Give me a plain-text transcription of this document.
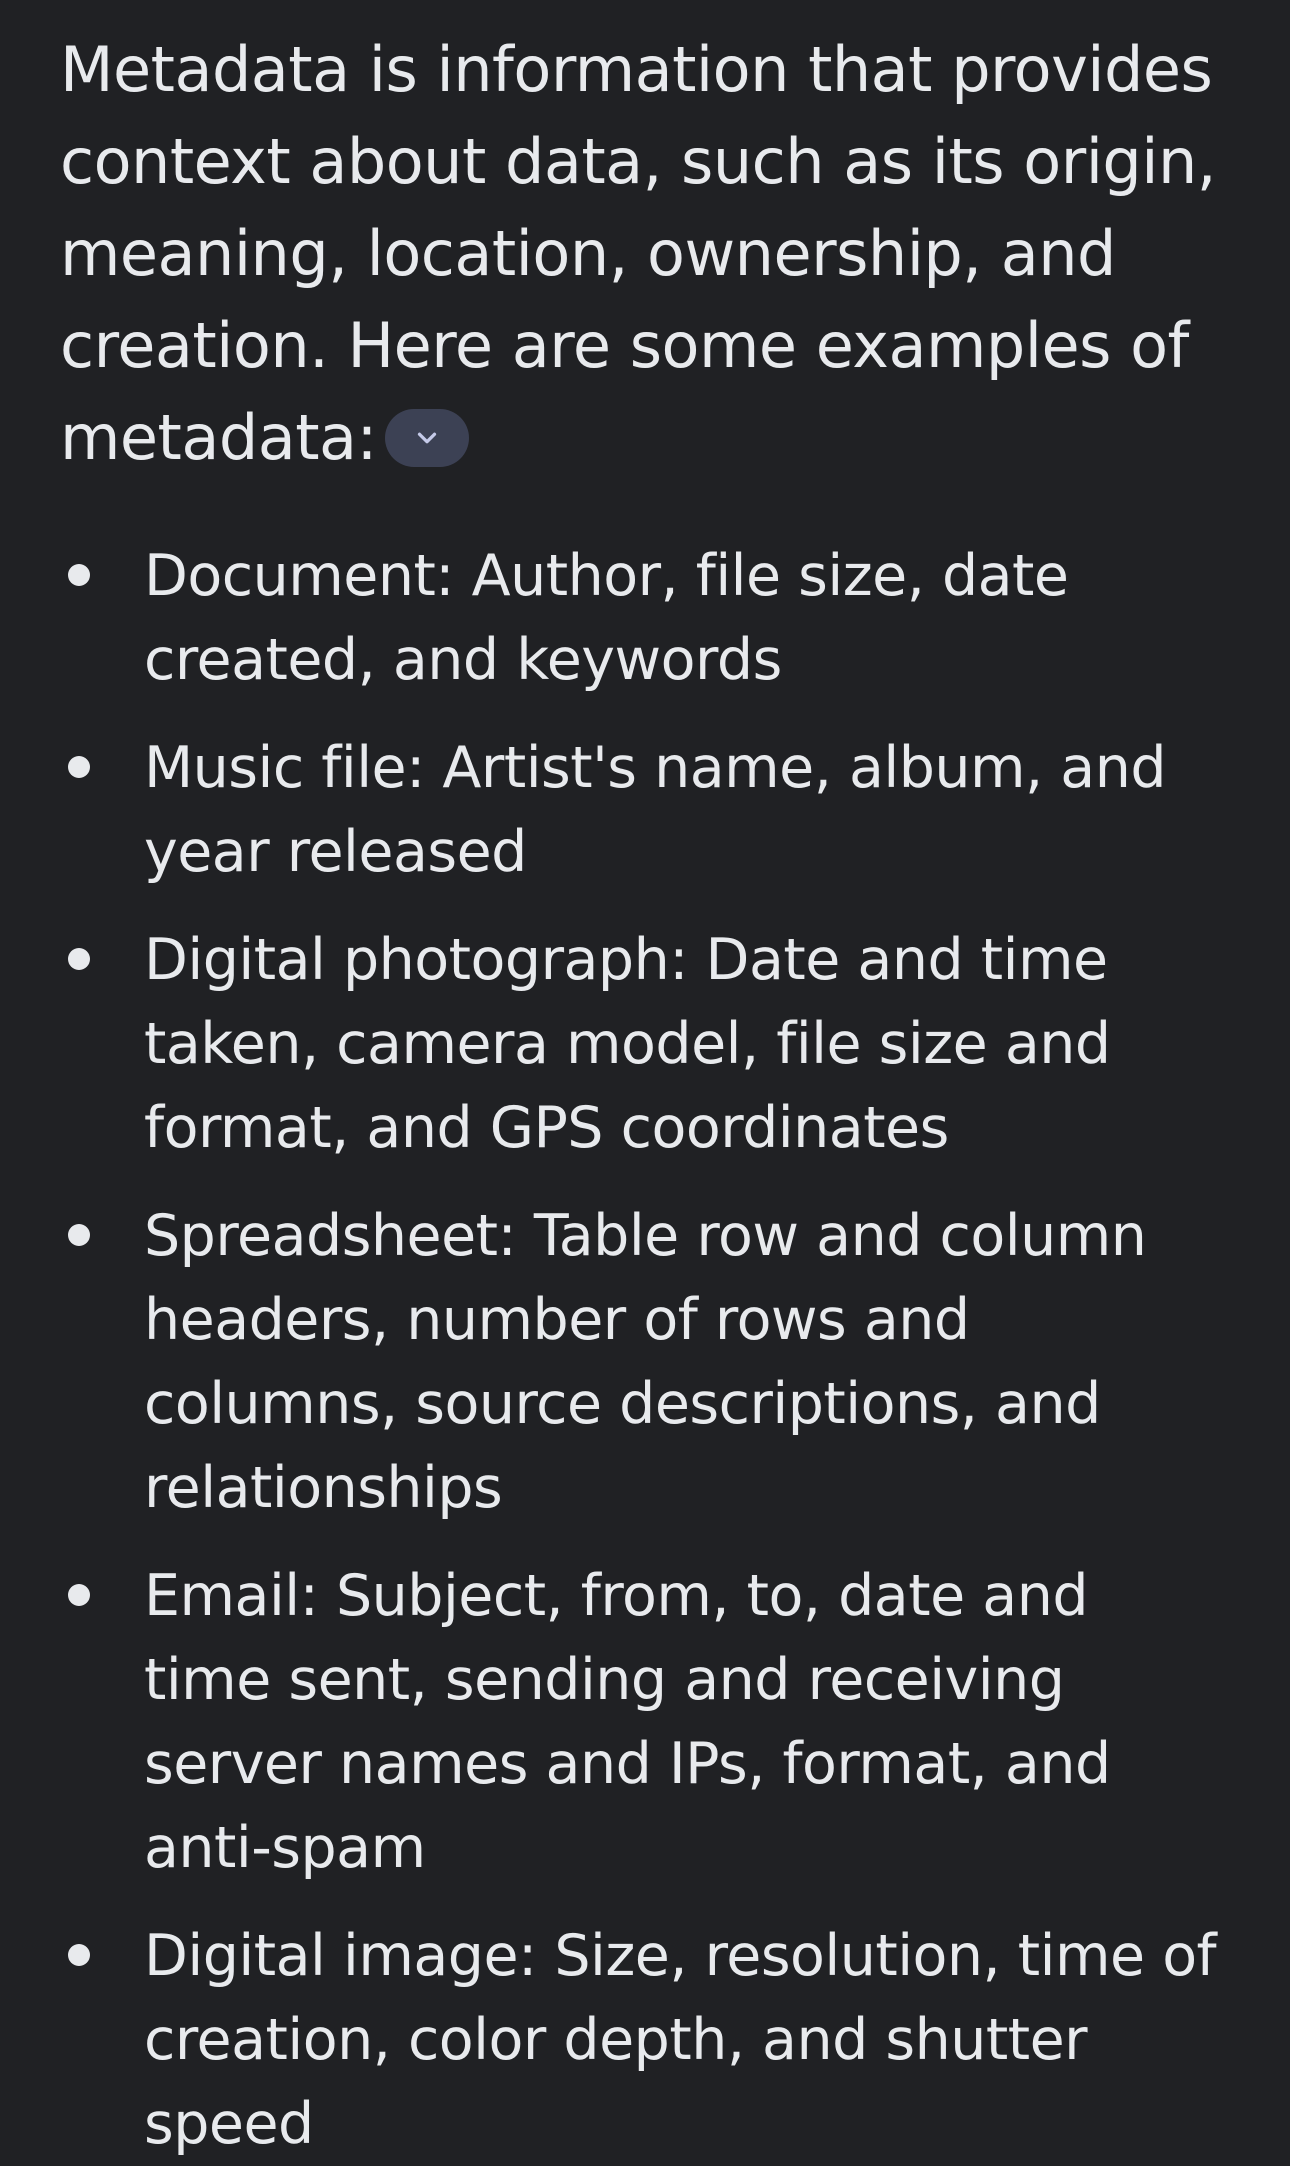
Metadata is information that provides context about data, such as its origin, meaning, location, ownership, and creation. Here are some examples of metadata:

Document: Author, file size, date created, and keywords
Music file: Artist's name, album, and year released
Digital photograph: Date and time taken, camera model, file size and format, and GPS coordinates
Spreadsheet: Table row and column headers, number of rows and columns, source descriptions, and relationships
Email: Subject, from, to, date and time sent, sending and receiving server names and IPs, format, and anti-spam
Digital image: Size, resolution, time of creation, color depth, and shutter speed
